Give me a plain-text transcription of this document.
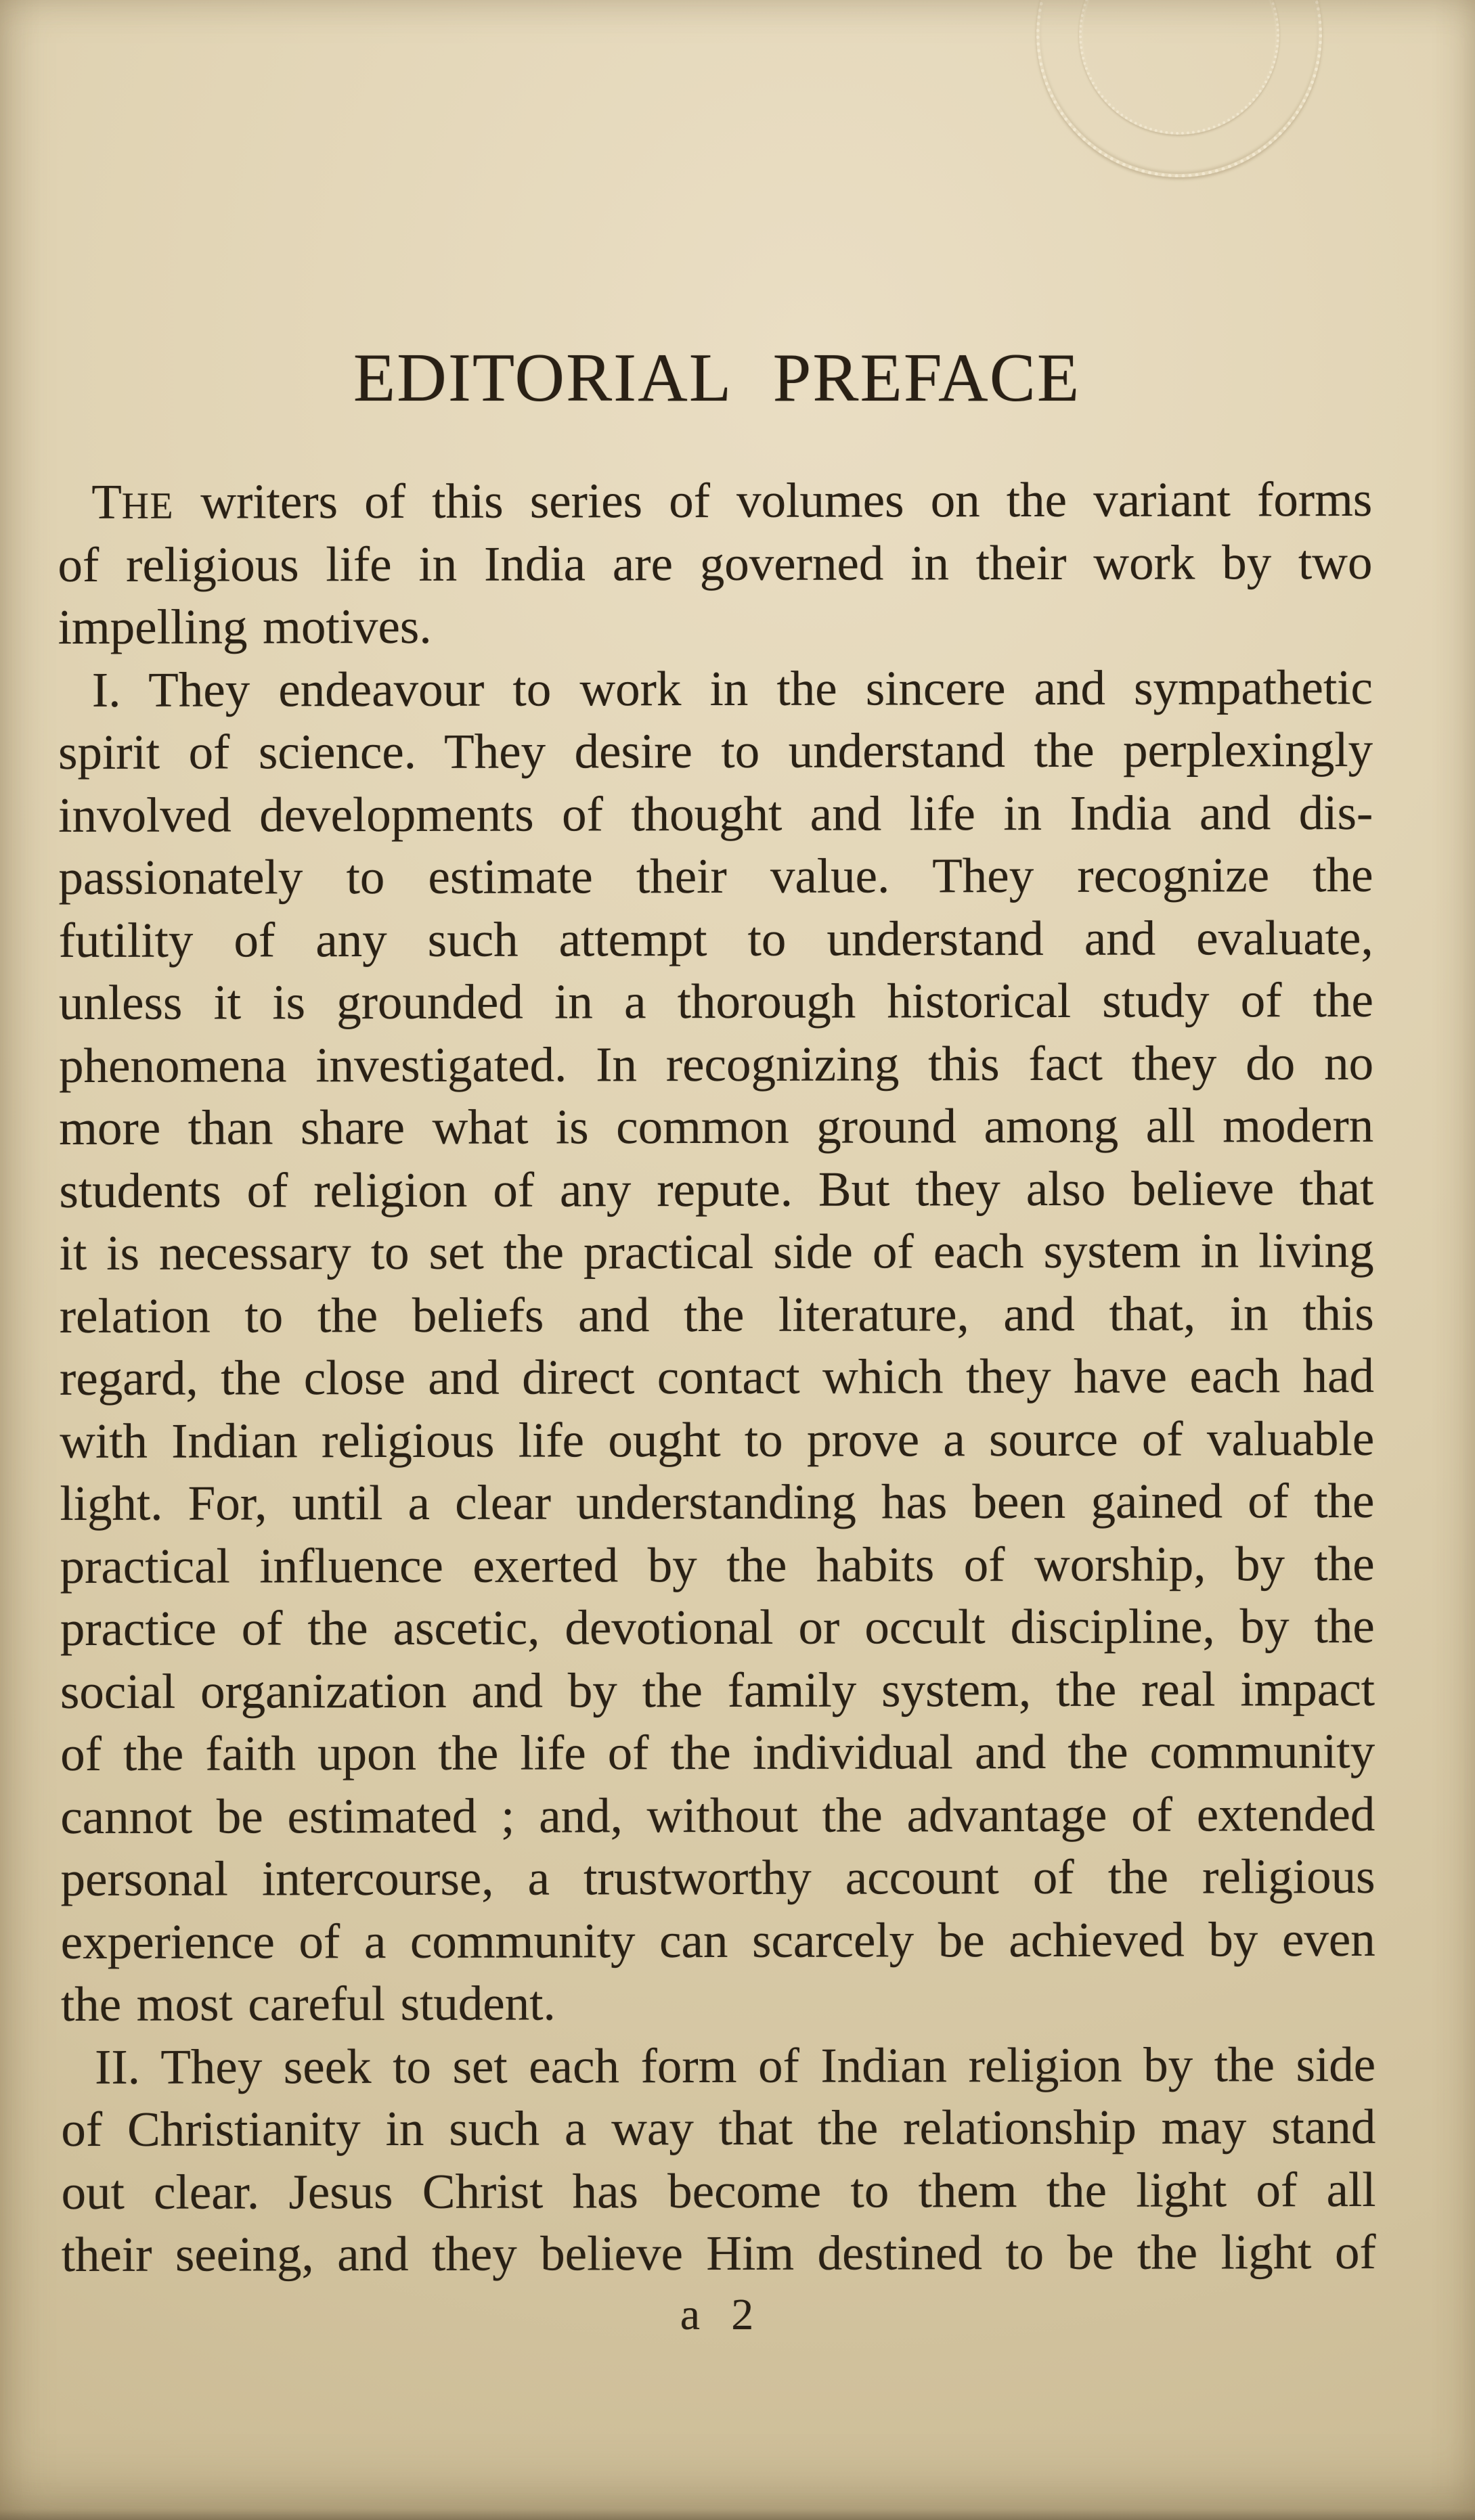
EDITORIAL PREFACE
THE writers of this series of volumes on the variant forms
of religious life in India are governed in their work by two
impelling motives.
I. They endeavour to work in the sincere and sympathetic
spirit of science. They desire to understand the perplexingly
involved developments of thought and life in India and dis-
passionately to estimate their value. They recognize the
futility of any such attempt to understand and evaluate,
unless it is grounded in a thorough historical study of the
phenomena investigated. In recognizing this fact they do no
more than share what is common ground among all modern
students of religion of any repute. But they also believe that
it is necessary to set the practical side of each system in living
relation to the beliefs and the literature, and that, in this
regard, the close and direct contact which they have each had
with Indian religious life ought to prove a source of valuable
light. For, until a clear understanding has been gained of the
practical influence exerted by the habits of worship, by the
practice of the ascetic, devotional or occult discipline, by the
social organization and by the family system, the real impact
of the faith upon the life of the individual and the community
cannot be estimated ; and, without the advantage of extended
personal intercourse, a trustworthy account of the religious
experience of a community can scarcely be achieved by even
the most careful student.
II. They seek to set each form of Indian religion by the side
of Christianity in such a way that the relationship may stand
out clear. Jesus Christ has become to them the light of all
their seeing, and they believe Him destined to be the light of
a 2
